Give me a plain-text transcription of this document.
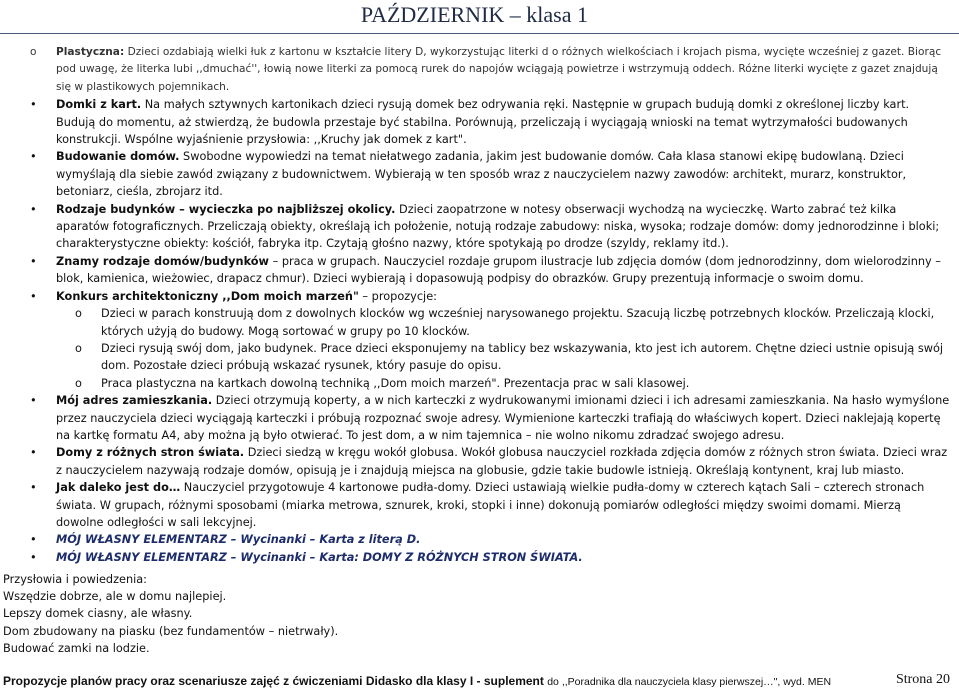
PAŹDZIERNIK – klasa 1
o Plastyczna: Dzieci ozdabiają wielki łuk z kartonu w kształcie litery D, wykorzystując literki d o różnych wielkościach i krojach pisma, wycięte wcześniej z gazet. Biorąc pod uwagę, że literka lubi ,,dmuchać'', łowią nowe literki za pomocą rurek do napojów wciągają powietrze i wstrzymują oddech. Różne literki wycięte z gazet znajdują się w plastikowych pojemnikach.
• Domki z kart. Na małych sztywnych kartonikach dzieci rysują domek bez odrywania ręki. Następnie w grupach budują domki z określonej liczby kart. Budują do momentu, aż stwierdzą, że budowla przestaje być stabilna. Porównują, przeliczają i wyciągają wnioski na temat wytrzymałości budowanych konstrukcji. Wspólne wyjaśnienie przysłowia: ,,Kruchy jak domek z kart".
• Budowanie domów. Swobodne wypowiedzi na temat niełatwego zadania, jakim jest budowanie domów. Cała klasa stanowi ekipę budowlaną. Dzieci wymyślają dla siebie zawód związany z budownictwem. Wybierają w ten sposób wraz z nauczycielem nazwy zawodów: architekt, murarz, konstruktor, betoniarz, cieśla, zbrojarz itd.
• Rodzaje budynków – wycieczka po najbliższej okolicy. Dzieci zaopatrzone w notesy obserwacji wychodzą na wycieczkę. Warto zabrać też kilka aparatów fotograficznych. Przeliczają obiekty, określają ich położenie, notują rodzaje zabudowy: niska, wysoka; rodzaje domów: domy jednorodzinne i bloki; charakterystyczne obiekty: kościół, fabryka itp. Czytają głośno nazwy, które spotykają po drodze (szyldy, reklamy itd.).
• Znamy rodzaje domów/budynków – praca w grupach. Nauczyciel rozdaje grupom ilustracje lub zdjęcia domów (dom jednorodzinny, dom wielorodzinny – blok, kamienica, wieżowiec, drapacz chmur). Dzieci wybierają i dopasowują podpisy do obrazków. Grupy prezentują informacje o swoim domu.
• Konkurs architektoniczny ,,Dom moich marzeń" – propozycje:
o Dzieci w parach konstruują dom z dowolnych klocków wg wcześniej narysowanego projektu. Szacują liczbę potrzebnych klocków. Przeliczają klocki, których użyją do budowy. Mogą sortować w grupy po 10 klocków.
o Dzieci rysują swój dom, jako budynek. Prace dzieci eksponujemy na tablicy bez wskazywania, kto jest ich autorem. Chętne dzieci ustnie opisują swój dom. Pozostałe dzieci próbują wskazać rysunek, który pasuje do opisu.
o Praca plastyczna na kartkach dowolną techniką ,,Dom moich marzeń". Prezentacja prac w sali klasowej.
• Mój adres zamieszkania. Dzieci otrzymują koperty, a w nich karteczki z wydrukowanymi imionami dzieci i ich adresami zamieszkania. Na hasło wymyślone przez nauczyciela dzieci wyciągają karteczki i próbują rozpoznać swoje adresy. Wymienione karteczki trafiają do właściwych kopert. Dzieci naklejają kopertę na kartkę formatu A4, aby można ją było otwierać. To jest dom, a w nim tajemnica – nie wolno nikomu zdradzać swojego adresu.
• Domy z różnych stron świata. Dzieci siedzą w kręgu wokół globusa. Wokół globusa nauczyciel rozkłada zdjęcia domów z różnych stron świata. Dzieci wraz z nauczycielem nazywają rodzaje domów, opisują je i znajdują miejsca na globusie, gdzie takie budowle istnieją. Określają kontynent, kraj lub miasto.
• Jak daleko jest do… Nauczyciel przygotowuje 4 kartonowe pudła-domy. Dzieci ustawiają wielkie pudła-domy w czterech kątach Sali – czterech stronach świata. W grupach, różnymi sposobami (miarka metrowa, sznurek, kroki, stopki i inne) dokonują pomiarów odległości między swoimi domami. Mierzą dowolne odległości w sali lekcyjnej.
• MÓJ WŁASNY ELEMENTARZ – Wycinanki – Karta z literą D.
• MÓJ WŁASNY ELEMENTARZ – Wycinanki – Karta: DOMY Z RÓŻNYCH STRON ŚWIATA.
Przysłowia i powiedzenia:
Wszędzie dobrze, ale w domu najlepiej.
Lepszy domek ciasny, ale własny.
Dom zbudowany na piasku (bez fundamentów – nietrwały).
Budować zamki na lodzie.
Propozycje planów pracy oraz scenariusze zajęć z ćwiczeniami Didasko dla klasy I - suplement do ,,Poradnika dla nauczyciela klasy pierwszej…", wyd. MEN	Strona 20
